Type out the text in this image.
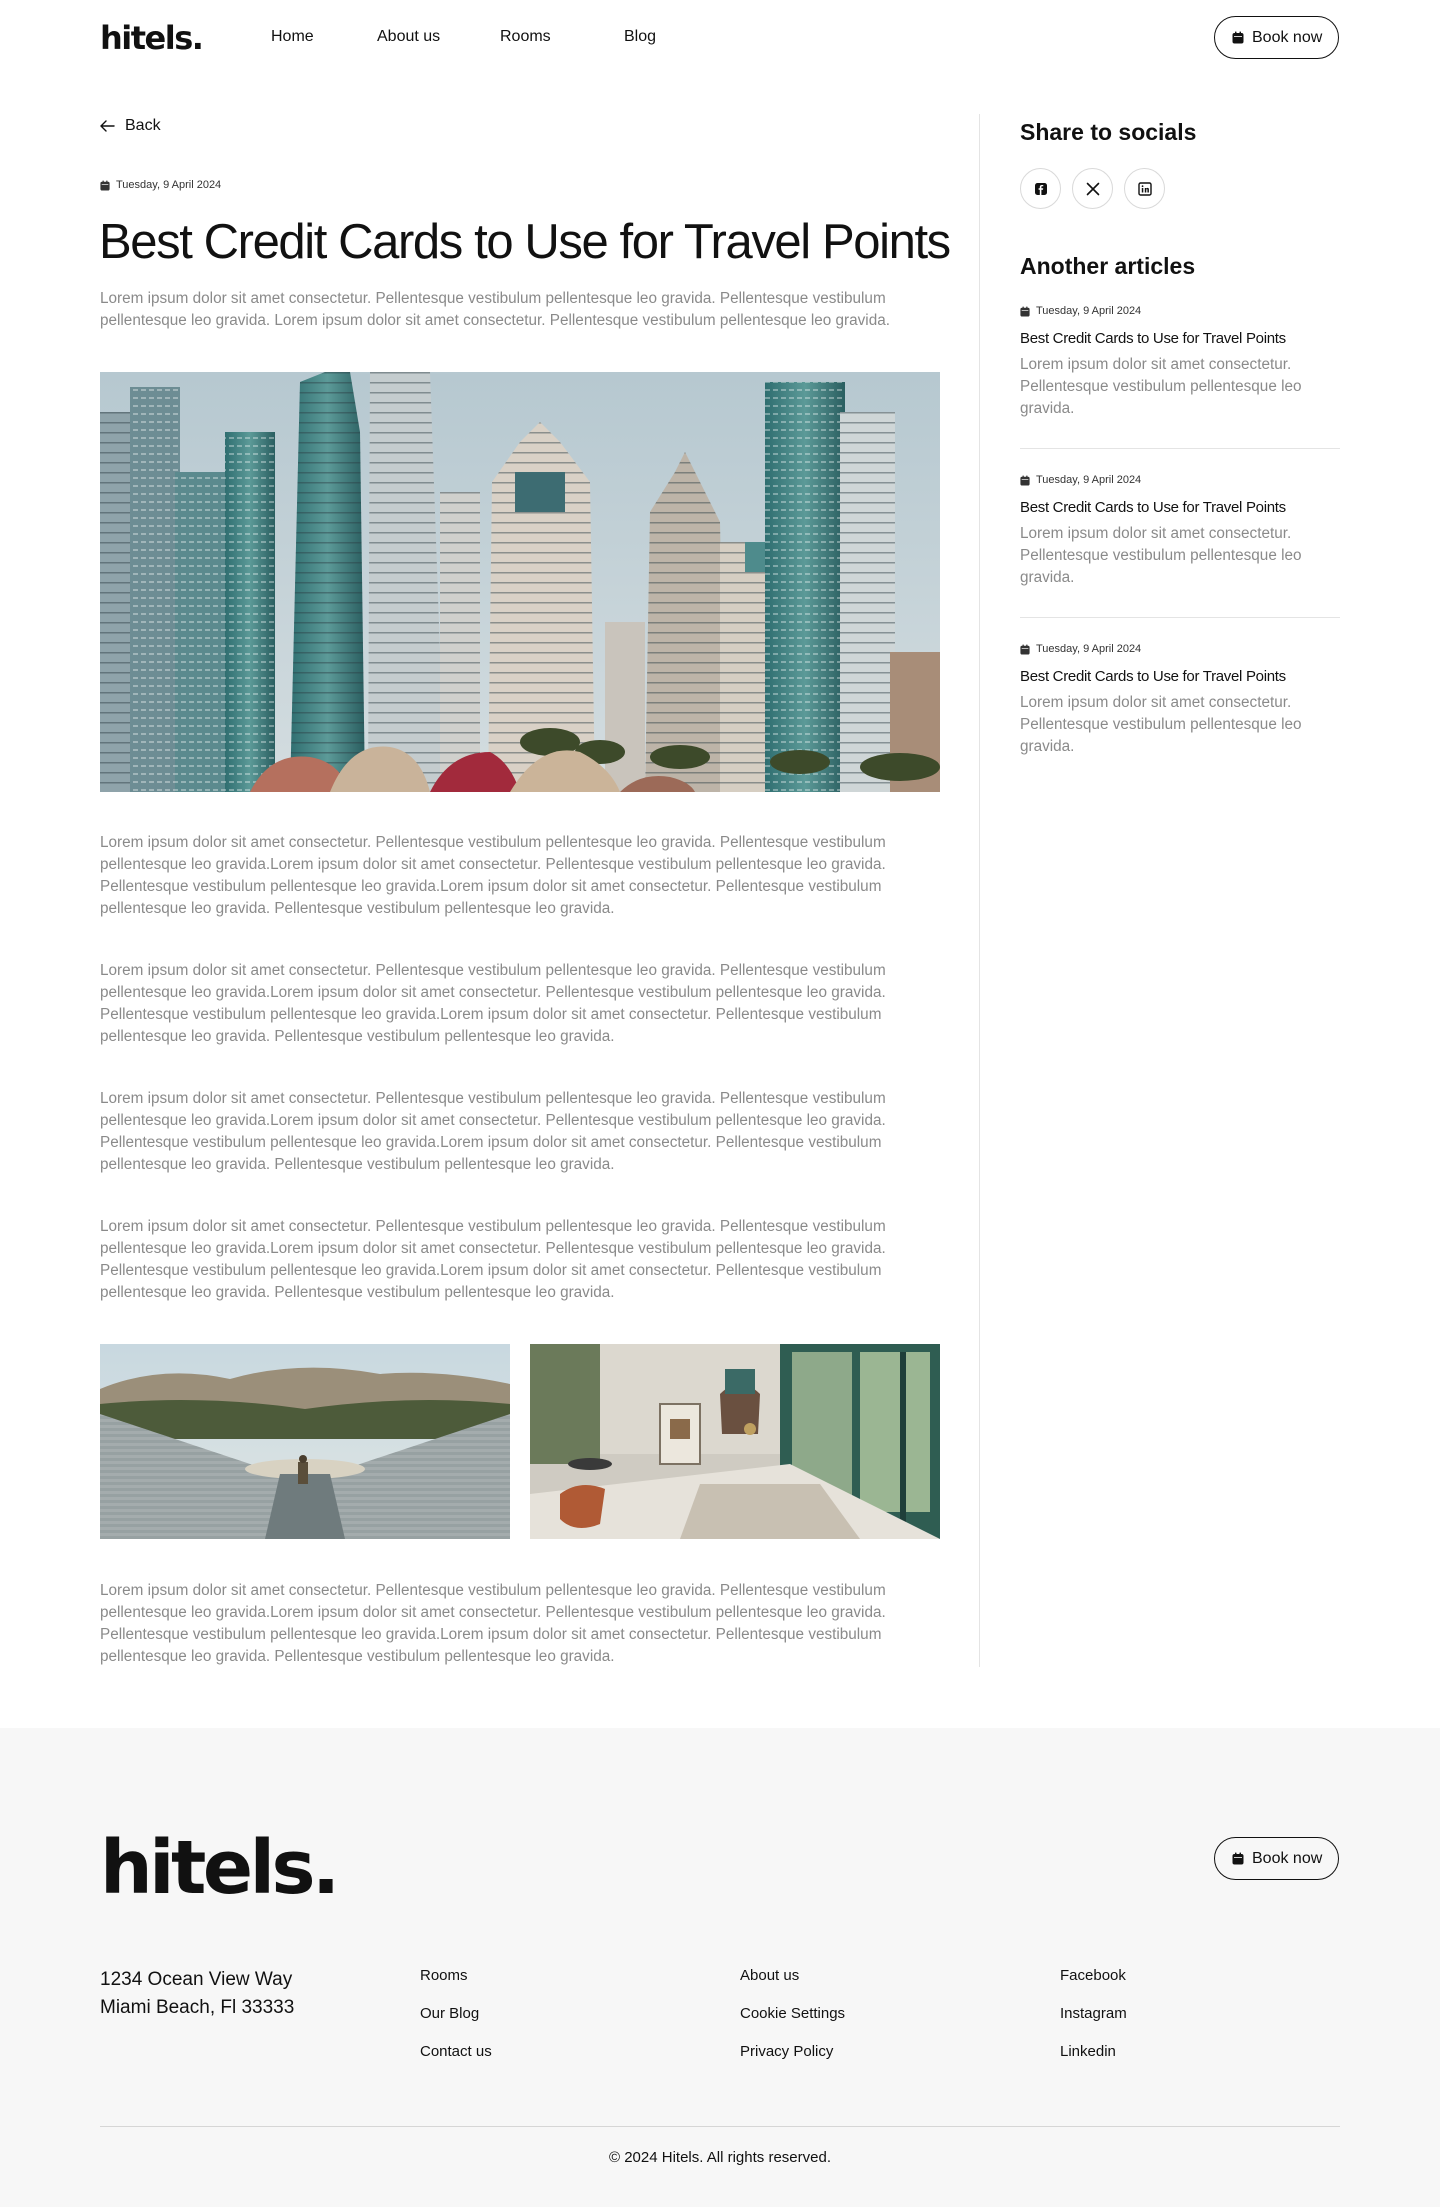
hitels.	Home	About us	Rooms	Blog	Book now
Back
Tuesday, 9 April 2024
Best Credit Cards to Use for Travel Points

Lorem ipsum dolor sit amet consectetur. Pellentesque vestibulum pellentesque leo gravida. Pellentesque vestibulum pellentesque leo gravida. Lorem ipsum dolor sit amet consectetur. Pellentesque vestibulum pellentesque leo gravida.

Lorem ipsum dolor sit amet consectetur. Pellentesque vestibulum pellentesque leo gravida. Pellentesque vestibulum pellentesque leo gravida.Lorem ipsum dolor sit amet consectetur. Pellentesque vestibulum pellentesque leo gravida. Pellentesque vestibulum pellentesque leo gravida.Lorem ipsum dolor sit amet consectetur. Pellentesque vestibulum pellentesque leo gravida. Pellentesque vestibulum pellentesque leo gravida.

Lorem ipsum dolor sit amet consectetur. Pellentesque vestibulum pellentesque leo gravida. Pellentesque vestibulum pellentesque leo gravida.Lorem ipsum dolor sit amet consectetur. Pellentesque vestibulum pellentesque leo gravida. Pellentesque vestibulum pellentesque leo gravida.Lorem ipsum dolor sit amet consectetur. Pellentesque vestibulum pellentesque leo gravida. Pellentesque vestibulum pellentesque leo gravida.

Lorem ipsum dolor sit amet consectetur. Pellentesque vestibulum pellentesque leo gravida. Pellentesque vestibulum pellentesque leo gravida.Lorem ipsum dolor sit amet consectetur. Pellentesque vestibulum pellentesque leo gravida. Pellentesque vestibulum pellentesque leo gravida.Lorem ipsum dolor sit amet consectetur. Pellentesque vestibulum pellentesque leo gravida. Pellentesque vestibulum pellentesque leo gravida.

Lorem ipsum dolor sit amet consectetur. Pellentesque vestibulum pellentesque leo gravida. Pellentesque vestibulum pellentesque leo gravida.Lorem ipsum dolor sit amet consectetur. Pellentesque vestibulum pellentesque leo gravida. Pellentesque vestibulum pellentesque leo gravida.Lorem ipsum dolor sit amet consectetur. Pellentesque vestibulum pellentesque leo gravida. Pellentesque vestibulum pellentesque leo gravida.

Lorem ipsum dolor sit amet consectetur. Pellentesque vestibulum pellentesque leo gravida. Pellentesque vestibulum pellentesque leo gravida.Lorem ipsum dolor sit amet consectetur. Pellentesque vestibulum pellentesque leo gravida. Pellentesque vestibulum pellentesque leo gravida.Lorem ipsum dolor sit amet consectetur. Pellentesque vestibulum pellentesque leo gravida. Pellentesque vestibulum pellentesque leo gravida.

Share to socials
Another articles
Tuesday, 9 April 2024
Best Credit Cards to Use for Travel Points

Lorem ipsum dolor sit amet consectetur. Pellentesque vestibulum pellentesque leo gravida.

Tuesday, 9 April 2024
Best Credit Cards to Use for Travel Points

Lorem ipsum dolor sit amet consectetur. Pellentesque vestibulum pellentesque leo gravida.

Tuesday, 9 April 2024
Best Credit Cards to Use for Travel Points

Lorem ipsum dolor sit amet consectetur. Pellentesque vestibulum pellentesque leo gravida.

hitels.	Book now
1234 Ocean View Way
Miami Beach, Fl 33333
Rooms
Our Blog
Contact us
About us
Cookie Settings
Privacy Policy
Facebook
Instagram
Linkedin
© 2024 Hitels. All rights reserved.
